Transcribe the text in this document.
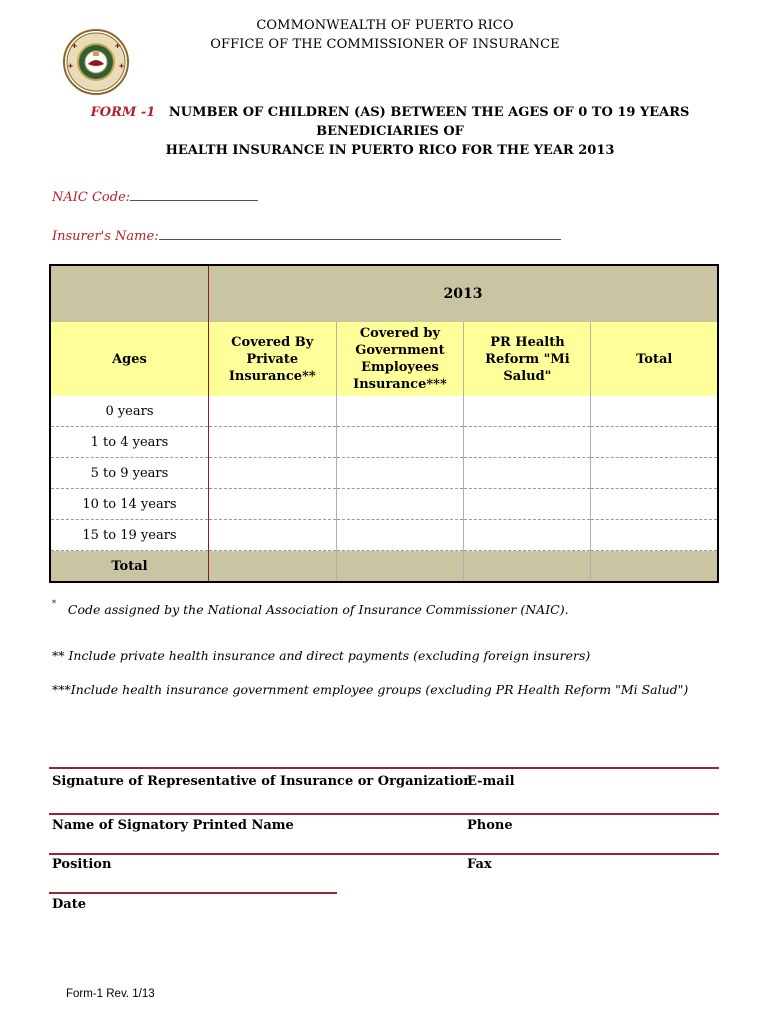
✚	✚
✚	✚
COMMONWEALTH OF PUERTO RICO
OFFICE OF THE COMMISSIONER OF INSURANCE
FORM -1 NUMBER OF CHILDREN (AS) BETWEEN THE AGES OF 0 TO 19 YEARS BENEDICIARIES OF
HEALTH INSURANCE IN PUERTO RICO FOR THE YEAR 2013
NAIC Code:
Insurer's Name:
	2013			
Ages	Covered By Private Insurance**	Covered by Government Employees Insurance***	PR Health Reform "Mi Salud"	Total
0 years				
1 to 4 years				
5 to 9 years				
10 to 14 years				
15 to 19 years				
Total				
* Code assigned by the National Association of Insurance Commissioner (NAIC).
** Include private health insurance and direct payments (excluding foreign insurers)
***Include health insurance government employee groups (excluding PR Health Reform "Mi Salud")
Signature of Representative of Insurance or Organization
E-mail
Name of Signatory Printed Name	Phone
Position	Fax
Date
Form-1 Rev. 1/13
